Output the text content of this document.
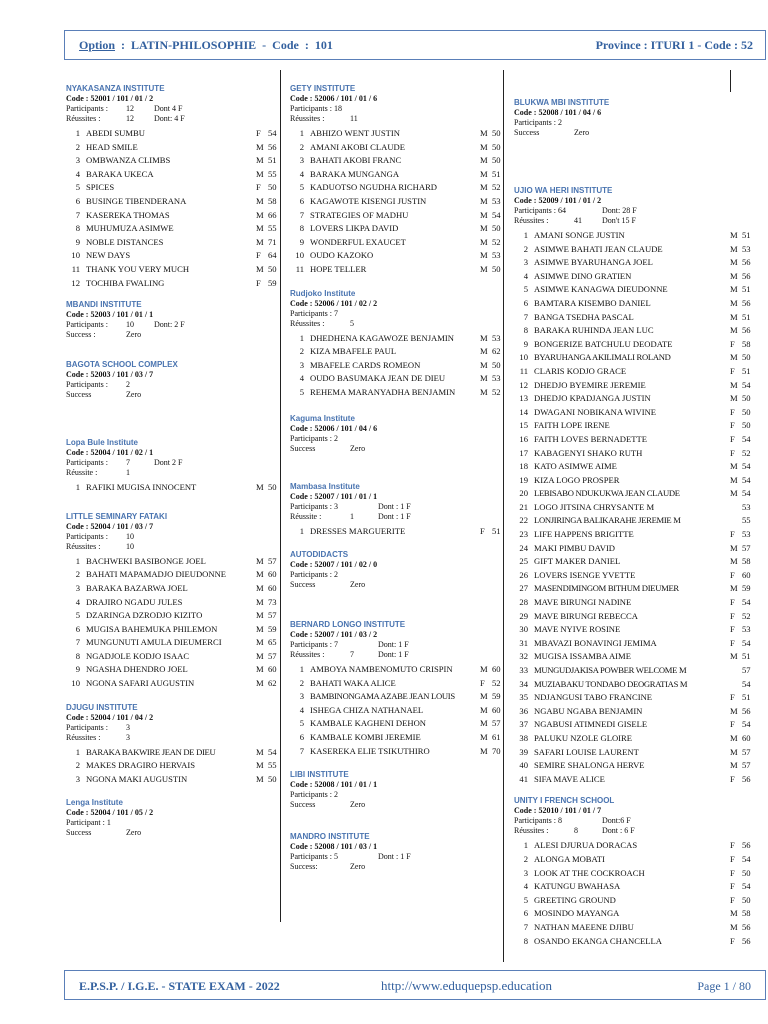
Option : LATIN-PHILOSOPHIE - Code : 101	Province : ITURI 1 - Code : 52
NYAKASANZA INSTITUTE
Code : 52001 / 101 / 01 / 2
Participants : 12	Dont 4 F
Réussites :	12	Dont: 4 F
1 ABEDI SUMBU	F 54
2 HEAD SMILE	M 56
3 OMBWANZA CLIMBS	M 51
4 BARAKA UKECA	M 55
5 SPICES	F 50
6 BUSINGE TIBENDERANA	M 58
7 KASEREKA THOMAS	M 66
8 MUHUMUZA ASIMWE	M 55
9 NOBLE DISTANCES	M 71
10 NEW DAYS	F 64
11 THANK YOU VERY MUCH	M 50
12 TOCHIBA FWALING	F 59
MBANDI INSTITUTE
Code : 52003 / 101 / 01 / 1
Participants : 10	Dont: 2 F
Success :	Zero
BAGOTA SCHOOL COMPLEX
Code : 52003 / 101 / 03 / 7
Participants : 2
Success	Zero
Lopa Bule Institute
Code : 52004 / 101 / 02 / 1
Participants : 7	Dont 2 F
Réussite :	1
1 RAFIKI MUGISA INNOCENT	M 50
LITTLE SEMINARY FATAKI
Code : 52004 / 101 / 03 / 7
Participants : 10
Réussites :	10
1 BACHWEKI BASIBONGE JOEL	M 57
2 BAHATI MAPAMADJO DIEUDONNE	M 60
3 BARAKA BAZARWA JOEL	M 60
4 DRAJIRO NGADU JULES	M 73
5 DZARINGA DZRODJO KIZITO	M 57
6 MUGISA BAHEMUKA PHILEMON	M 59
7 MUNGUNUTI AMULA DIEUMERCI	M 65
8 NGADJOLE KODJO ISAAC	M 57
9 NGASHA DHENDRO JOEL	M 60
10 NGONA SAFARI AUGUSTIN	M 62
DJUGU INSTITUTE
Code : 52004 / 101 / 04 / 2
Participants : 3
Réussites :	3
1 BARAKA BAKWIRE JEAN DE DIEU	M 54
2 MAKES DRAGIRO HERVAIS	M 55
3 NGONA MAKI AUGUSTIN	M 50
Lenga Institute
Code : 52004 / 101 / 05 / 2
Participant : 1
Success	Zero
GETY INSTITUTE
Code : 52006 / 101 / 01 / 6
Participants : 18
Réussites :	11
1 ABHIZO WENT JUSTIN	M 50
2 AMANI AKOBI CLAUDE	M 50
3 BAHATI AKOBI FRANC	M 50
4 BARAKA MUNGANGA	M 51
5 KADUOTSO NGUDHA RICHARD	M 52
6 KAGAWOTE KISENGI JUSTIN	M 53
7 STRATEGIES OF MADHU	M 54
8 LOVERS LIKPA DAVID	M 50
9 WONDERFUL EXAUCET	M 52
10 OUDO KAZOKO	M 53
11 HOPE TELLER	M 50
Rudjoko Institute
Code : 52006 / 101 / 02 / 2
Participants : 7
Réussites :	5
1 DHEDHENA KAGAWOZE BENJAMIN	M 53
2 KIZA MBAFELE PAUL	M 62
3 MBAFELE CARDS ROMEON	M 50
4 OUDO BASUMAKA JEAN DE DIEU	M 53
5 REHEMA MARANYADHA BENJAMIN	M 52
Kaguma Institute
Code : 52006 / 101 / 04 / 6
Participants : 2
Success	Zero
Mambasa Institute
Code : 52007 / 101 / 01 / 1
Participants : 3	Dont : 1 F
Réussite :	1	Dont : 1 F
1 DRESSES MARGUERITE	F 51
AUTODIDACTS
Code : 52007 / 101 / 02 / 0
Participants : 2
Success	Zero
BERNARD LONGO INSTITUTE
Code : 52007 / 101 / 03 / 2
Participants : 7	Dont: 1 F
Réussites :	7	Dont: 1 F
1 AMBOYA NAMBENOMUTO CRISPIN	M 60
2 BAHATI WAKA ALICE	F 52
3 BAMBINONGAMA AZABE JEAN LOUIS	M 59
4 ISHEGA CHIZA NATHANAEL	M 60
5 KAMBALE KAGHENI DEHON	M 57
6 KAMBALE KOMBI JEREMIE	M 61
7 KASEREKA ELIE TSIKUTHIRO	M 70
LIBI INSTITUTE
Code : 52008 / 101 / 01 / 1
Participants : 2
Success	Zero
MANDRO INSTITUTE
Code : 52008 / 101 / 03 / 1
Participants : 5	Dont : 1 F
Success:	Zero
BLUKWA MBI INSTITUTE
Code : 52008 / 101 / 04 / 6
Participants : 2
Success	Zero
UJIO WA HERI INSTITUTE
Code : 52009 / 101 / 01 / 2
Participants : 64	Dont: 28 F
Réussites :	41	Don't 15 F
1 AMANI SONGE JUSTIN	M 51
2 ASIMWE BAHATI JEAN CLAUDE	M 53
3 ASIMWE BYARUHANGA JOEL	M 56
4 ASIMWE DINO GRATIEN	M 56
5 ASIMWE KANAGWA DIEUDONNE	M 51
6 BAMTARA KISEMBO DANIEL	M 56
7 BANGA TSEDHA PASCAL	M 51
8 BARAKA RUHINDA JEAN LUC	M 56
9 BONGERIZE BATCHULU DEODATE	F 58
10 BYARUHANGA AKILIMALI ROLAND	M 50
11 CLARIS KODJO GRACE	F 51
12 DHEDJO BYEMIRE JEREMIE	M 54
13 DHEDJO KPADJANGA JUSTIN	M 50
14 DWAGANI NOBIKANA WIVINE	F 50
15 FAITH LOPE IRENE	F 50
16 FAITH LOVES BERNADETTE	F 54
17 KABAGENYI SHAKO RUTH	F 52
18 KATO ASIMWE AIME	M 54
19 KIZA LOGO PROSPER	M 54
20 LEBISABO NDUKUKWA JEAN CLAUDE	M 54
21 LOGO JITSINA CHRYSANTE M	53
22 LONJIRINGA BALIKARAHE JEREMIE M	55
23 LIFE HAPPENS BRIGITTE	F 53
24 MAKI PIMBU DAVID	M 57
25 GIFT MAKER DANIEL	M 58
26 LOVERS ISENGE YVETTE	F 60
27 MASENDIMINGOM BITHUM DIEUMER	M 59
28 MAVE BIRUNGI NADINE	F 54
29 MAVE BIRUNGI REBECCA	F 52
30 MAVE NYIVE ROSINE	F 53
31 MBAVAZI BONAVINGI JEMIMA	F 54
32 MUGISA ISSAMBA AIME	M 51
33 MUNGUDJAKISA POWBER WELCOME M	57
34 MUZIABAKU TONDABO DEOGRATIAS M	54
35 NDJANGUSI TABO FRANCINE	F 51
36 NGABU NGABA BENJAMIN	M 56
37 NGABUSI ATIMNEDI GISELE	F 54
38 PALUKU NZOLE GLOIRE	M 60
39 SAFARI LOUISE LAURENT	M 57
40 SEMIRE SHALONGA HERVE	M 57
41 SIFA MAVE ALICE	F 56
UNITY I FRENCH SCHOOL
Code : 52010 / 101 / 01 / 7
Participants : 8	Dont:6 F
Réussites :	8	Dont : 6 F
1 ALESI DJURUA DORACAS	F 56
2 ALONGA MOBATI	F 54
3 LOOK AT THE COCKROACH	F 50
4 KATUNGU BWAHASA	F 54
5 GREETING GROUND	F 50
6 MOSINDO MAYANGA	M 58
7 NATHAN MAEENE DJIBU	M 56
8 OSANDO EKANGA CHANCELLA	F 56
E.P.S.P. / I.G.E. - STATE EXAM - 2022	http://www.eduquepsp.education	Page 1 / 80
